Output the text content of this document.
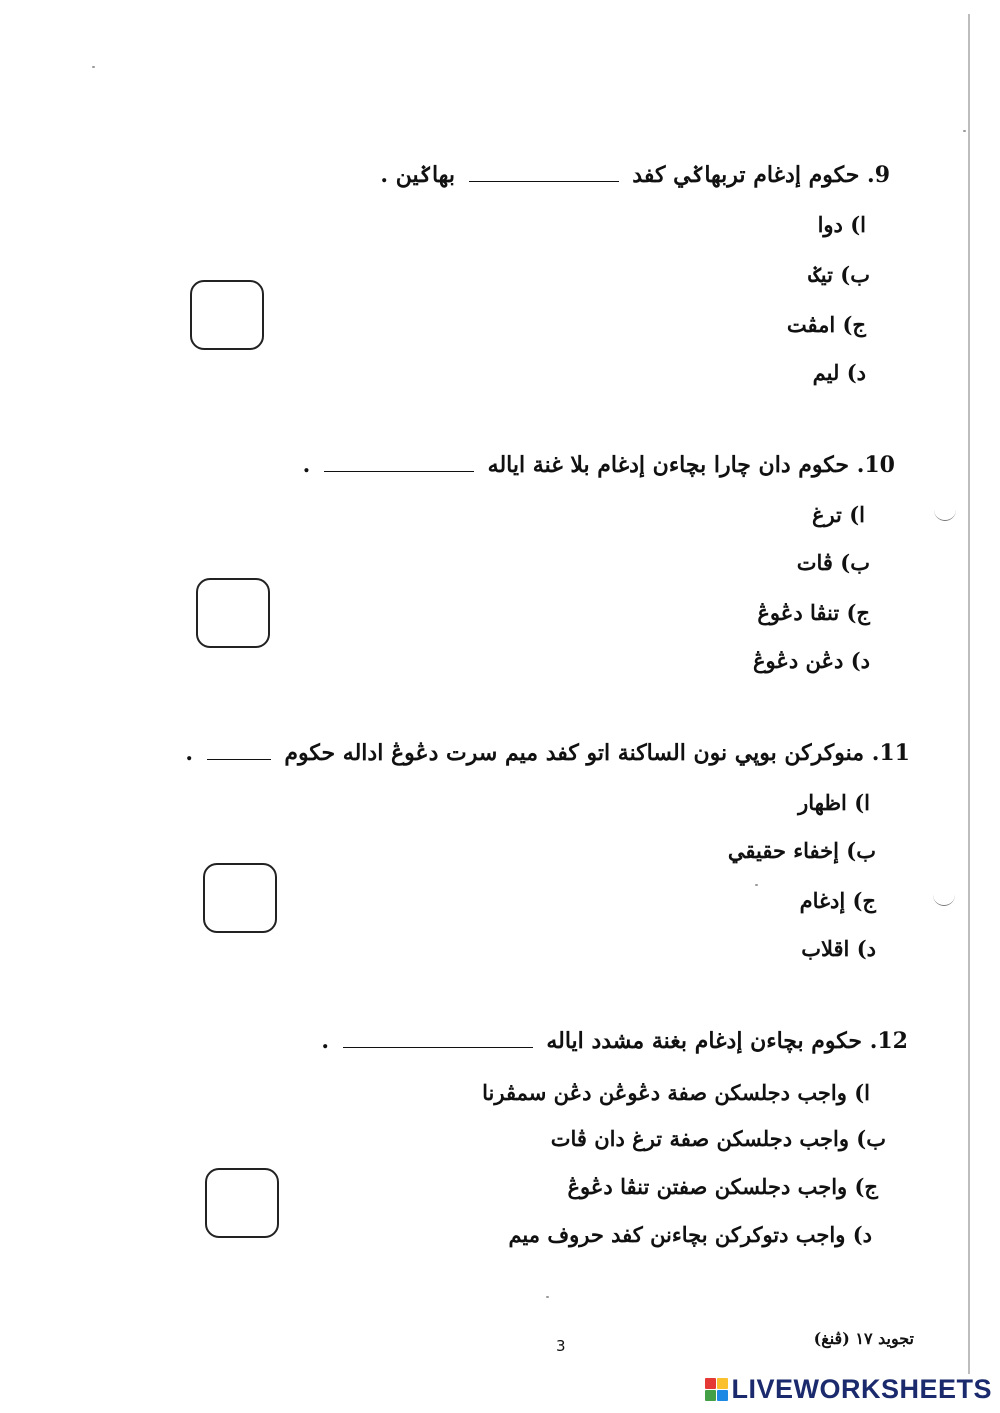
9. حکوم إدغام تربهاݢي كفد  بهاݢين .
ا) دوا
ب) تيݢ
ج) امڤت
د) ليم
10. حکوم دان چارا بچاءن إدغام بلا غنة اياله  .
ا) ترغ
ب) ڤات
ج) تنڤا دڠوڠ
د) دڠن دڠوڠ
11. منوکرکن بوڽي نون الساکنة اتو كفد ميم سرت دڠوڠ اداله حکوم  .
ا) اظهار
ب) إخفاء حقيقي
ج) إدغام
د) اقلاب
12. حکوم بچاءن إدغام بغنة مشدد اياله  .
ا) واجب دجلسکن صفة دڠوڠن دڠن سمڤرنا
ب) واجب دجلسکن صفة ترغ دان ڤات
ج) واجب دجلسکن صفتن تنڤا دڠوڠ
د) واجب دتوکرکن بچاءنن كفد حروف ميم
تجويد ١٧ (ڤنغ)
3
LIVEWORKSHEETS
